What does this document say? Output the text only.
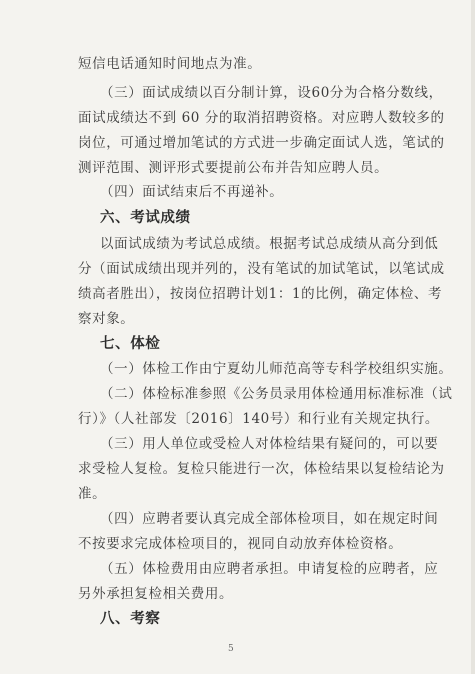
短信电话通知时间地点为准。
（三）面试成绩以百分制计算，设60分为合格分数线，
面试成绩达不到 60 分的取消招聘资格。对应聘人数较多的
岗位，可通过增加笔试的方式进一步确定面试人选，笔试的
测评范围、测评形式要提前公布并告知应聘人员。
（四）面试结束后不再递补。
六、考试成绩
以面试成绩为考试总成绩。根据考试总成绩从高分到低
分（面试成绩出现并列的，没有笔试的加试笔试，以笔试成
绩高者胜出），按岗位招聘计划1：1的比例，确定体检、考
察对象。
七、体检
（一）体检工作由宁夏幼儿师范高等专科学校组织实施。
（二）体检标准参照《公务员录用体检通用标准标准（试
行）》（人社部发〔2016〕140号）和行业有关规定执行。
（三）用人单位或受检人对体检结果有疑问的，可以要
求受检人复检。复检只能进行一次，体检结果以复检结论为
准。
（四）应聘者要认真完成全部体检项目，如在规定时间
不按要求完成体检项目的，视同自动放弃体检资格。
（五）体检费用由应聘者承担。申请复检的应聘者，应
另外承担复检相关费用。
八、考察
5
